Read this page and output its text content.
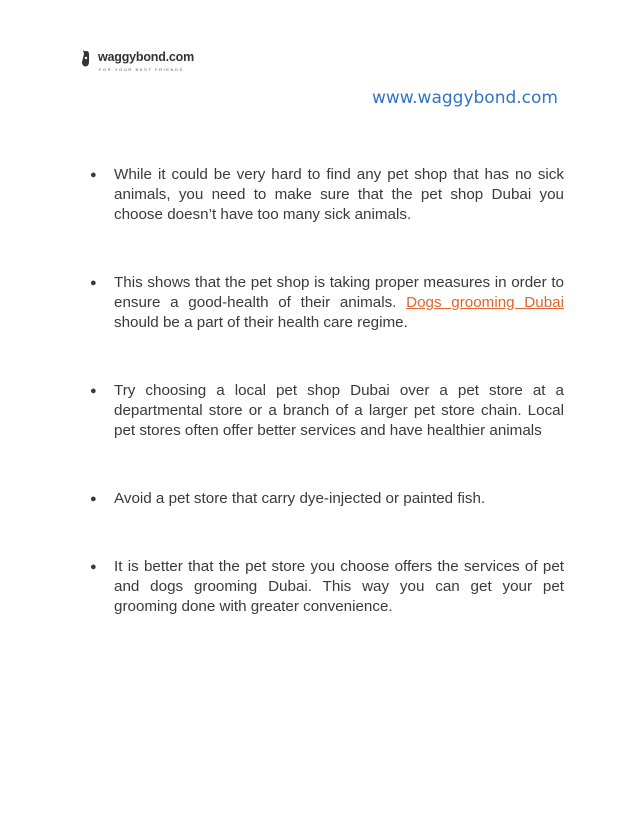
waggybond.com
FOR YOUR BEST FRIENDS
www.waggybond.com
● While it could be very hard to find any pet shop that has no sick animals, you need to make sure that the pet shop Dubai you choose doesn’t have too many sick animals.
● This shows that the pet shop is taking proper measures in order to ensure a good-health of their animals. Dogs grooming Dubai should be a part of their health care regime.
● Try choosing a local pet shop Dubai over a pet store at a departmental store or a branch of a larger pet store chain. Local pet stores often offer better services and have healthier animals
● Avoid a pet store that carry dye-injected or painted fish.
● It is better that the pet store you choose offers the services of pet and dogs grooming Dubai. This way you can get your pet grooming done with greater convenience.
